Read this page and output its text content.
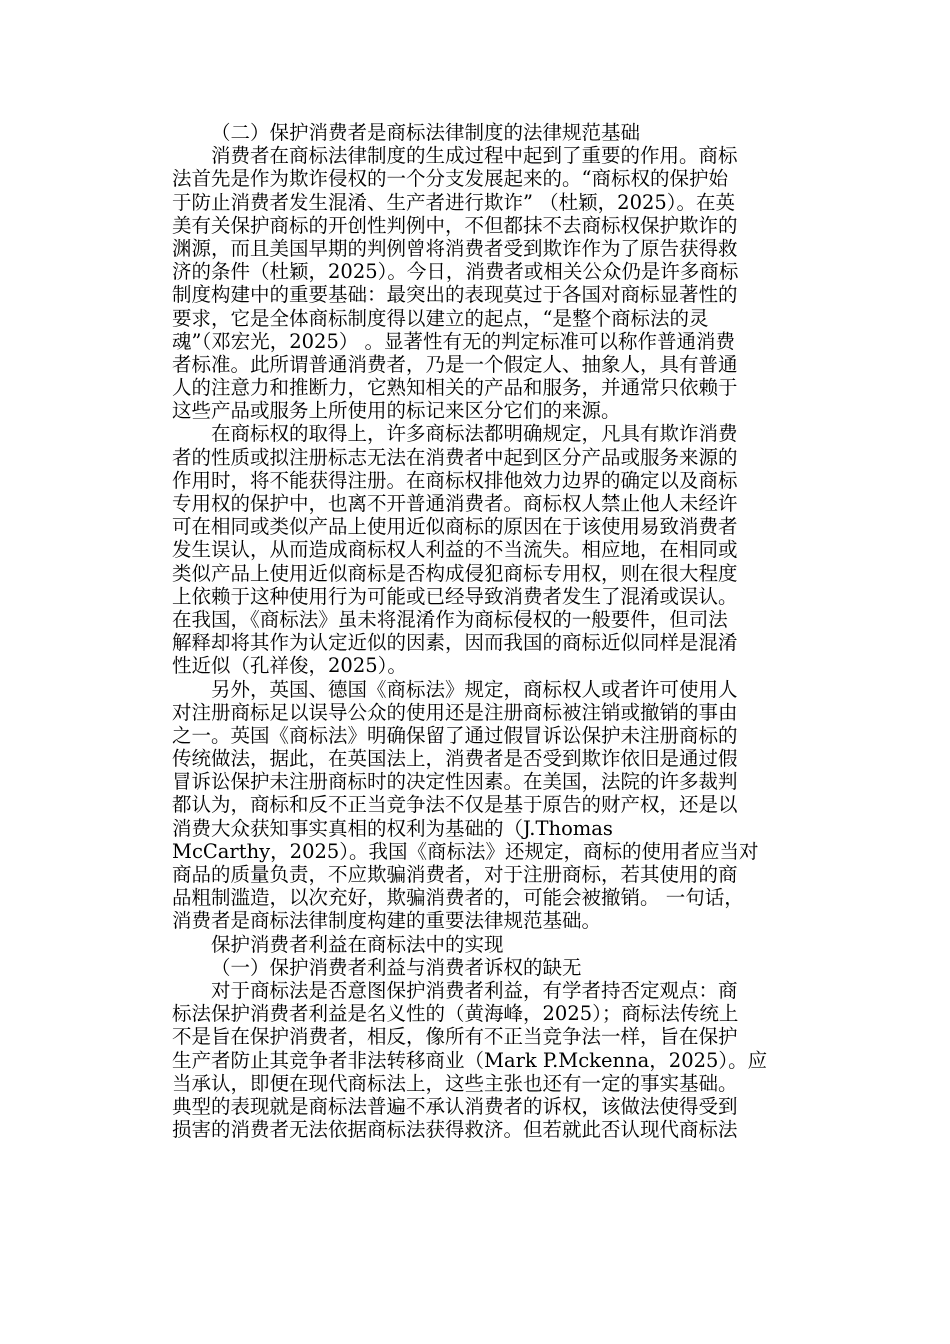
（二）保护消费者是商标法律制度的法律规范基础
消费者在商标法律制度的生成过程中起到了重要的作用。商标
法首先是作为欺诈侵权的一个分支发展起来的。“商标权的保护始
于防止消费者发生混淆、生产者进行欺诈” （杜颖，2025）。在英
美有关保护商标的开创性判例中，不但都抹不去商标权保护欺诈的
渊源，而且美国早期的判例曾将消费者受到欺诈作为了原告获得救
济的条件（杜颖，2025）。今日，消费者或相关公众仍是许多商标
制度构建中的重要基础：最突出的表现莫过于各国对商标显著性的
要求，它是全体商标制度得以建立的起点，“是整个商标法的灵
魂”（邓宏光，2025） 。显著性有无的判定标准可以称作普通消费
者标准。此所谓普通消费者，乃是一个假定人、抽象人，具有普通
人的注意力和推断力，它熟知相关的产品和服务，并通常只依赖于
这些产品或服务上所使用的标记来区分它们的来源。
在商标权的取得上，许多商标法都明确规定，凡具有欺诈消费
者的性质或拟注册标志无法在消费者中起到区分产品或服务来源的
作用时，将不能获得注册。在商标权排他效力边界的确定以及商标
专用权的保护中，也离不开普通消费者。商标权人禁止他人未经许
可在相同或类似产品上使用近似商标的原因在于该使用易致消费者
发生误认，从而造成商标权人利益的不当流失。相应地，在相同或
类似产品上使用近似商标是否构成侵犯商标专用权，则在很大程度
上依赖于这种使用行为可能或已经导致消费者发生了混淆或误认。
在我国，《商标法》虽未将混淆作为商标侵权的一般要件，但司法
解释却将其作为认定近似的因素，因而我国的商标近似同样是混淆
性近似（孔祥俊，2025）。
另外，英国、德国《商标法》规定，商标权人或者许可使用人
对注册商标足以误导公众的使用还是注册商标被注销或撤销的事由
之一。英国《商标法》明确保留了通过假冒诉讼保护未注册商标的
传统做法，据此，在英国法上，消费者是否受到欺诈依旧是通过假
冒诉讼保护未注册商标时的决定性因素。在美国，法院的许多裁判
都认为，商标和反不正当竞争法不仅是基于原告的财产权，还是以
消费大众获知事实真相的权利为基础的（J.Thomas
McCarthy，2025）。我国《商标法》还规定，商标的使用者应当对
商品的质量负责，不应欺骗消费者，对于注册商标，若其使用的商
品粗制滥造，以次充好，欺骗消费者的，可能会被撤销。 一句话，
消费者是商标法律制度构建的重要法律规范基础。
保护消费者利益在商标法中的实现
（一）保护消费者利益与消费者诉权的缺无
对于商标法是否意图保护消费者利益，有学者持否定观点：商
标法保护消费者利益是名义性的（黄海峰，2025）；商标法传统上
不是旨在保护消费者，相反，像所有不正当竞争法一样，旨在保护
生产者防止其竞争者非法转移商业（Mark P.Mckenna，2025）。应
当承认，即便在现代商标法上，这些主张也还有一定的事实基础。
典型的表现就是商标法普遍不承认消费者的诉权，该做法使得受到
损害的消费者无法依据商标法获得救济。但若就此否认现代商标法
